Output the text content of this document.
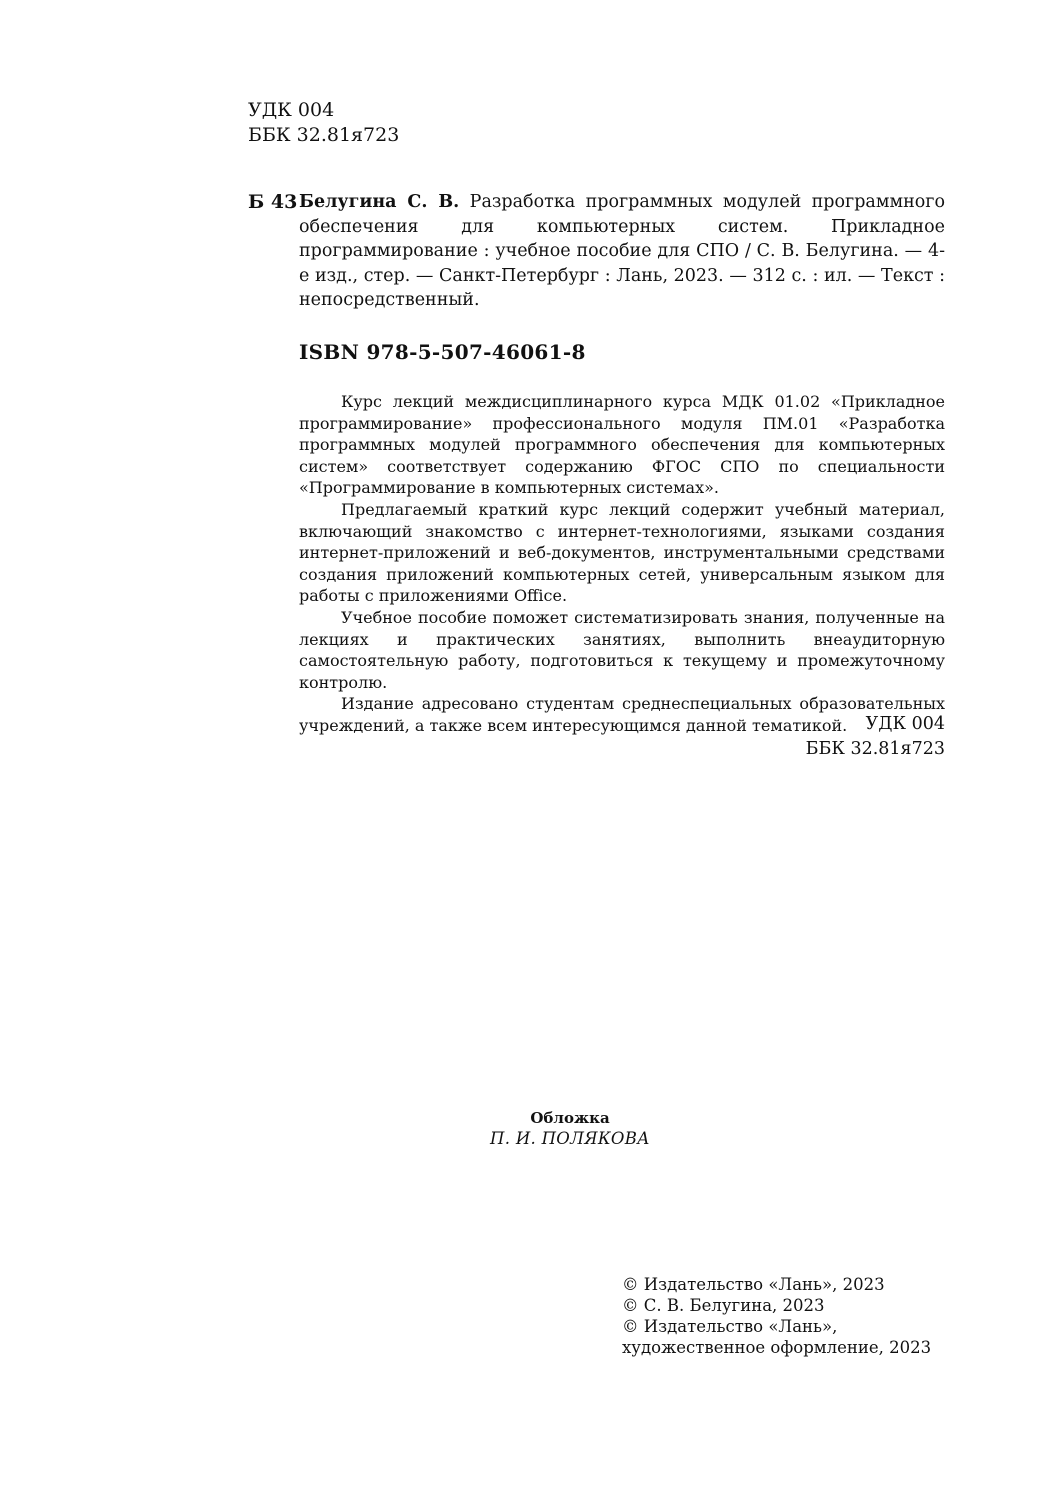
УДК 004
ББК 32.81я723
Б 43 Белугина С. В. Разработка программных модулей программного обеспечения для компьютерных систем. Прикладное программирование : учебное пособие для СПО / С. В. Белугина. — 4-е изд., стер. — Санкт-Петербург : Лань, 2023. — 312 с. : ил. — Текст : непосредственный.
ISBN 978-5-507-46061-8

Курс лекций междисциплинарного курса МДК 01.02 «Прикладное программирование» профессионального модуля ПМ.01 «Разработка программных модулей программного обеспечения для компьютерных систем» соответствует содержанию ФГОС СПО по специальности «Программирование в компьютерных системах».

Предлагаемый краткий курс лекций содержит учебный материал, включающий знакомство с интернет-технологиями, языками создания интернет-приложений и веб-документов, инструментальными средствами создания приложений компьютерных сетей, универсальным языком для работы с приложениями Office.

Учебное пособие поможет систематизировать знания, полученные на лекциях и практических занятиях, выполнить внеаудиторную самостоятельную работу, подготовиться к текущему и промежуточному контролю.

Издание адресовано студентам среднеспециальных образовательных учреждений, а также всем интересующимся данной тематикой.	УДК 004
ББК 32.81я723
Обложка
П. И. ПОЛЯКОВА
© Издательство «Лань», 2023
© С. В. Белугина, 2023
© Издательство «Лань»,
художественное оформление, 2023
